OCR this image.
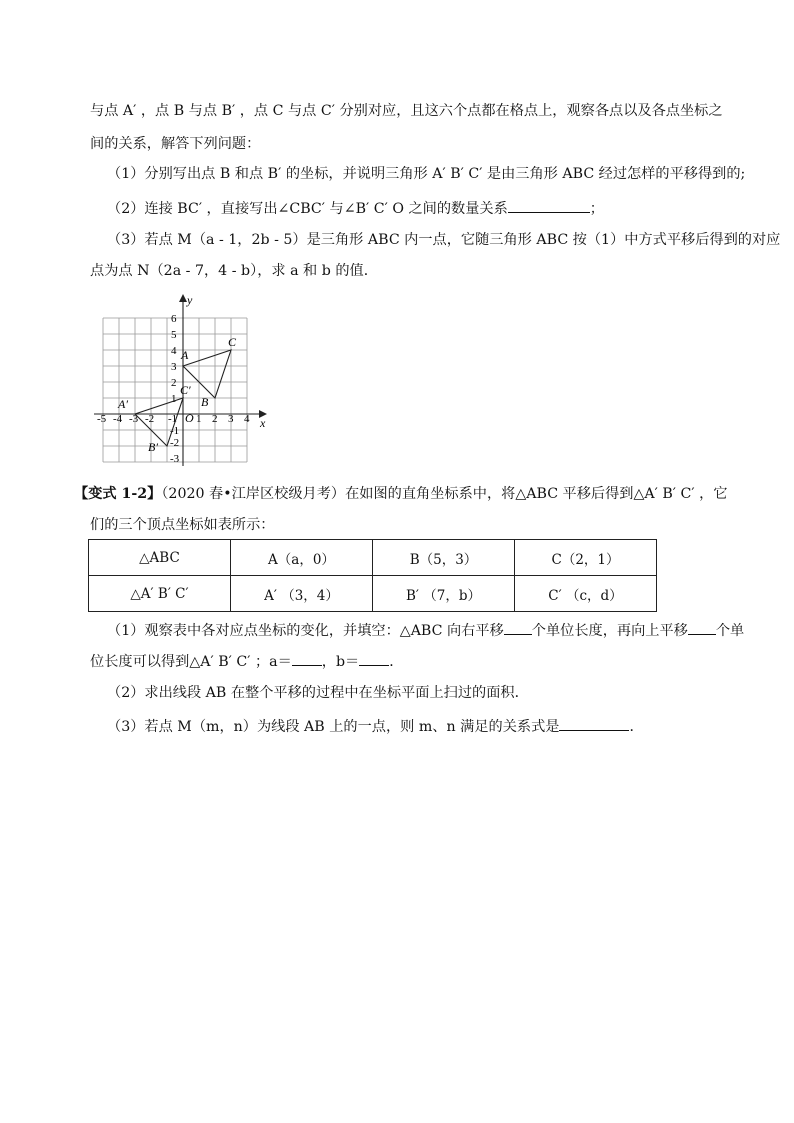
与点 A′ ，点 B 与点 B′ ，点 C 与点 C′ 分别对应，且这六个点都在格点上，观察各点以及各点坐标之
间的关系，解答下列问题：
（1）分别写出点 B 和点 B′ 的坐标，并说明三角形 A′ B′ C′ 是由三角形 ABC 经过怎样的平移得到的;
（2）连接 BC′ ，直接写出∠CBC′ 与∠B′ C′ O 之间的数量关系	；
（3）若点 M（a - 1，2b - 5）是三角形 ABC 内一点，它随三角形 ABC 按（1）中方式平移后得到的对应
点为点 N（2a - 7，4 - b），求 a 和 b 的值．
x
y
O
-5 -4 -3 -2 -1 1 2 3 4
6
5
4
3
2
1
-1
-2
-3
A
B
C
A′
B′
C′
【变式 1-2】（2020 春•江岸区校级月考）在如图的直角坐标系中，将△ABC 平移后得到△A′ B′ C′ ，它
们的三个顶点坐标如表所示：
△ABC	A（a，0）	B（5，3）	C（2，1）
△A′ B′ C′	A′ （3，4）	B′ （7，b）	C′ （c，d）
（1）观察表中各对应点坐标的变化，并填空：△ABC 向右平移 个单位长度，再向上平移 个单
位长度可以得到△A′ B′ C′ ；a＝ ，b＝ ．
（2）求出线段 AB 在整个平移的过程中在坐标平面上扫过的面积．
（3）若点 M（m，n）为线段 AB 上的一点，则 m、n 满足的关系式是	．
